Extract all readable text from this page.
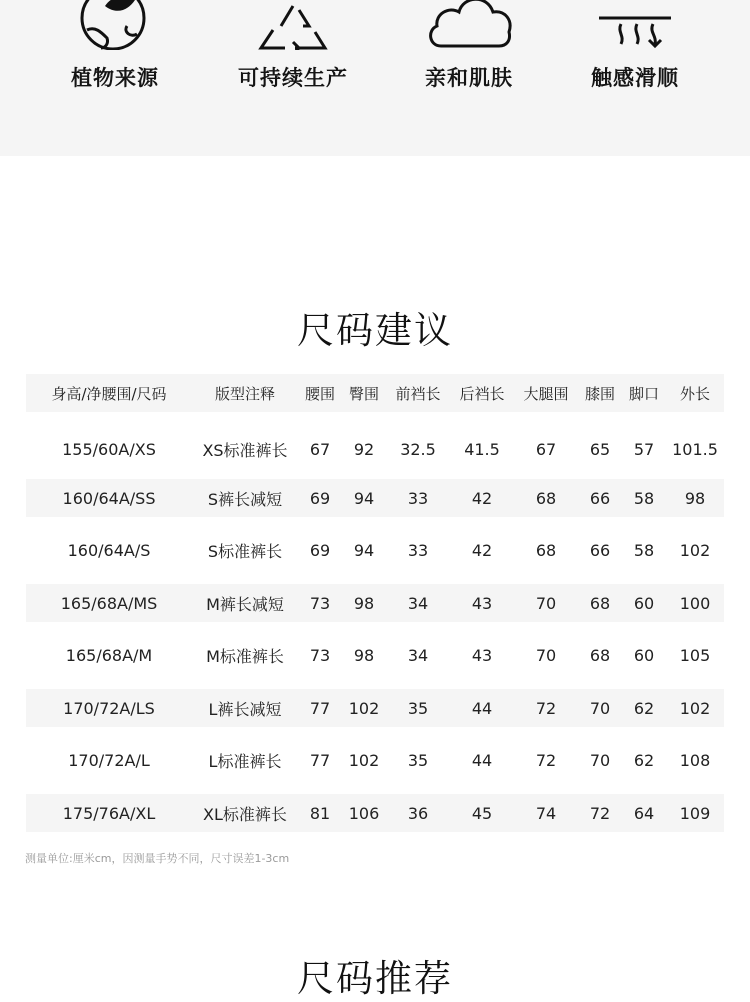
植物来源	可持续生产	亲和肌肤	触感滑顺
尺码建议
身高/净腰围/尺码	版型注释	腰围	臀围	前裆长	后裆长	大腿围	膝围	脚口	外长
155/60A/XS	XS标准裤长	67	92	32.5	41.5	67	65	57	101.5
160/64A/SS	S裤长减短	69	94	33	42	68	66	58	98
160/64A/S	S标准裤长	69	94	33	42	68	66	58	102
165/68A/MS	M裤长减短	73	98	34	43	70	68	60	100
165/68A/M	M标准裤长	73	98	34	43	70	68	60	105
170/72A/LS	L裤长减短	77	102	35	44	72	70	62	102
170/72A/L	L标准裤长	77	102	35	44	72	70	62	108
175/76A/XL	XL标准裤长	81	106	36	45	74	72	64	109
测量单位:厘米cm，因测量手势不同，尺寸误差1-3cm
尺码推荐
